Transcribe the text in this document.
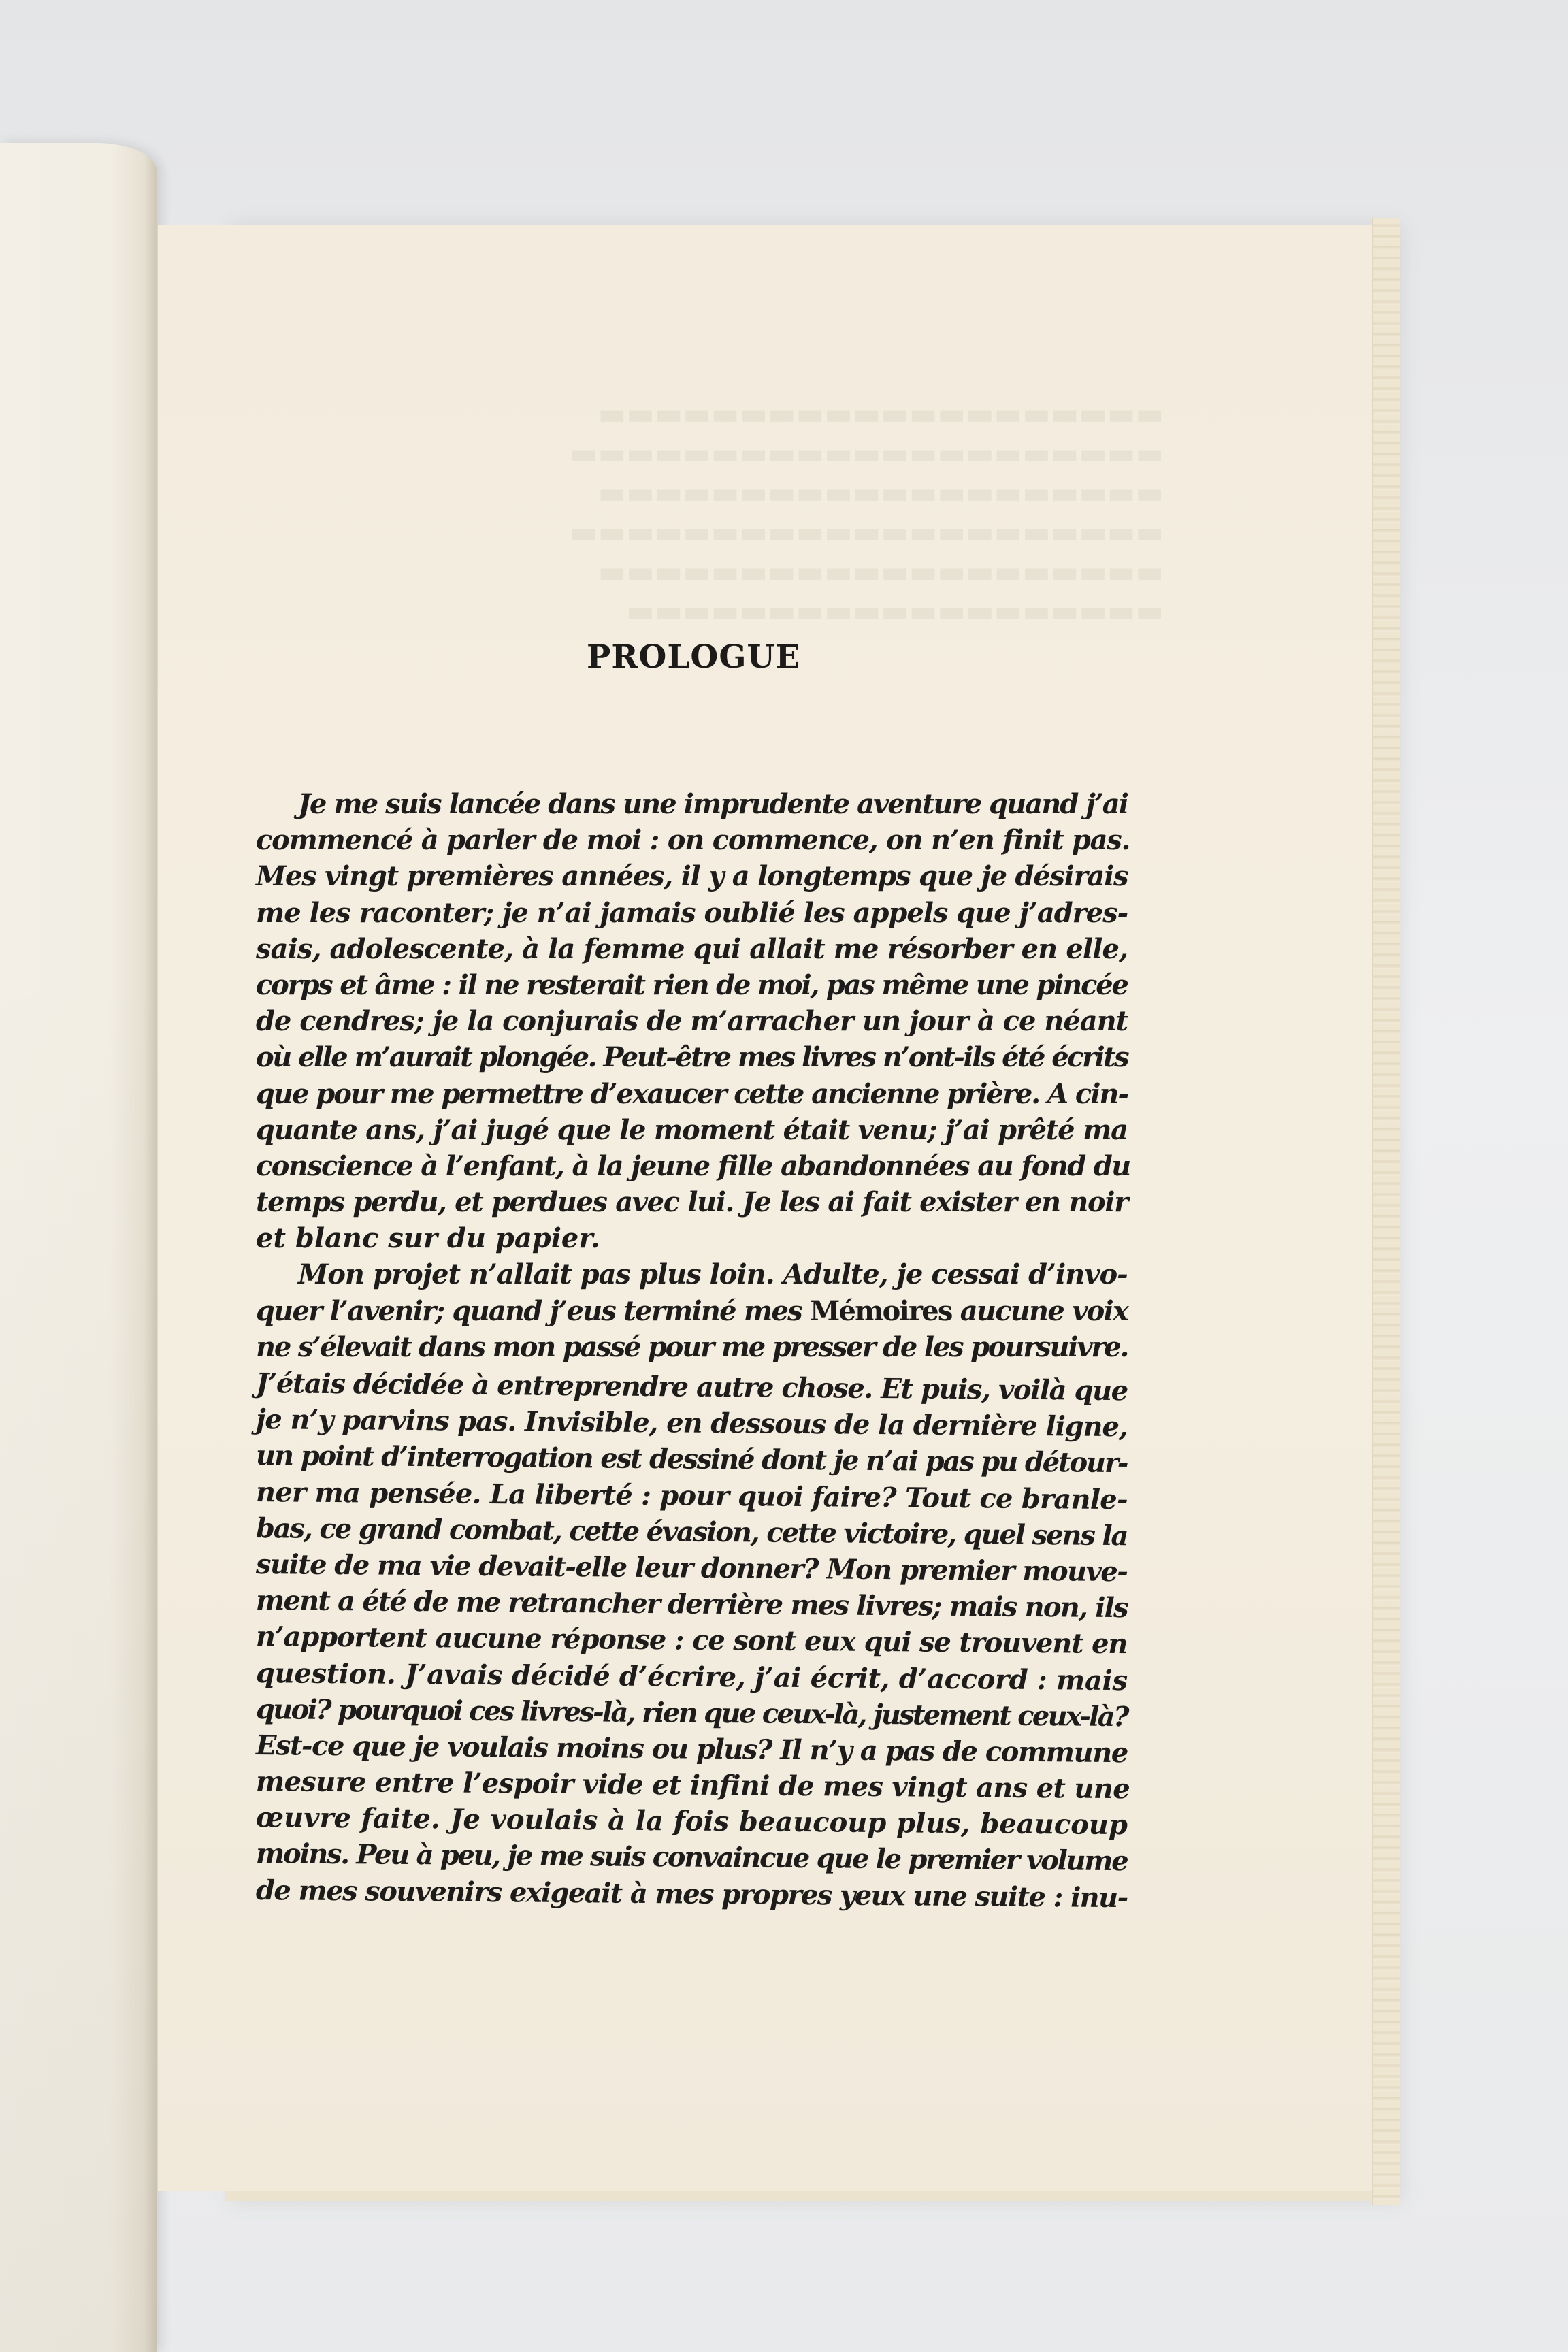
▬▬▬▬▬▬▬▬▬▬▬▬▬▬▬▬▬▬▬▬
▬▬▬▬▬▬▬▬▬▬▬▬▬▬▬▬▬▬▬▬▬
▬▬▬▬▬▬▬▬▬▬▬▬▬▬▬▬▬▬▬▬
▬▬▬▬▬▬▬▬▬▬▬▬▬▬▬▬▬▬▬▬▬
▬▬▬▬▬▬▬▬▬▬▬▬▬▬▬▬▬▬▬▬
▬▬▬▬▬▬▬▬▬▬▬▬▬▬▬▬▬▬▬
PROLOGUE
Je me suis lancée dans une imprudente aventure quand j’ai
commencé à parler de moi : on commence, on n’en finit pas.
Mes vingt premières années, il y a longtemps que je désirais
me les raconter; je n’ai jamais oublié les appels que j’adres-
sais, adolescente, à la femme qui allait me résorber en elle,
corps et âme : il ne resterait rien de moi, pas même une pincée
de cendres; je la conjurais de m’arracher un jour à ce néant
où elle m’aurait plongée. Peut-être mes livres n’ont-ils été écrits
que pour me permettre d’exaucer cette ancienne prière. A cin-
quante ans, j’ai jugé que le moment était venu; j’ai prêté ma
conscience à l’enfant, à la jeune fille abandonnées au fond du
temps perdu, et perdues avec lui. Je les ai fait exister en noir
et blanc sur du papier.
Mon projet n’allait pas plus loin. Adulte, je cessai d’invo-
quer l’avenir; quand j’eus terminé mes Mémoires aucune voix
ne s’élevait dans mon passé pour me presser de les poursuivre.
J’étais décidée à entreprendre autre chose. Et puis, voilà que
je n’y parvins pas. Invisible, en dessous de la dernière ligne,
un point d’interrogation est dessiné dont je n’ai pas pu détour-
ner ma pensée. La liberté : pour quoi faire? Tout ce branle-
bas, ce grand combat, cette évasion, cette victoire, quel sens la
suite de ma vie devait-elle leur donner? Mon premier mouve-
ment a été de me retrancher derrière mes livres; mais non, ils
n’apportent aucune réponse : ce sont eux qui se trouvent en
question. J’avais décidé d’écrire, j’ai écrit, d’accord : mais
quoi? pourquoi ces livres-là, rien que ceux-là, justement ceux-là?
Est-ce que je voulais moins ou plus? Il n’y a pas de commune
mesure entre l’espoir vide et infini de mes vingt ans et une
œuvre faite. Je voulais à la fois beaucoup plus, beaucoup
moins. Peu à peu, je me suis convaincue que le premier volume
de mes souvenirs exigeait à mes propres yeux une suite : inu-
